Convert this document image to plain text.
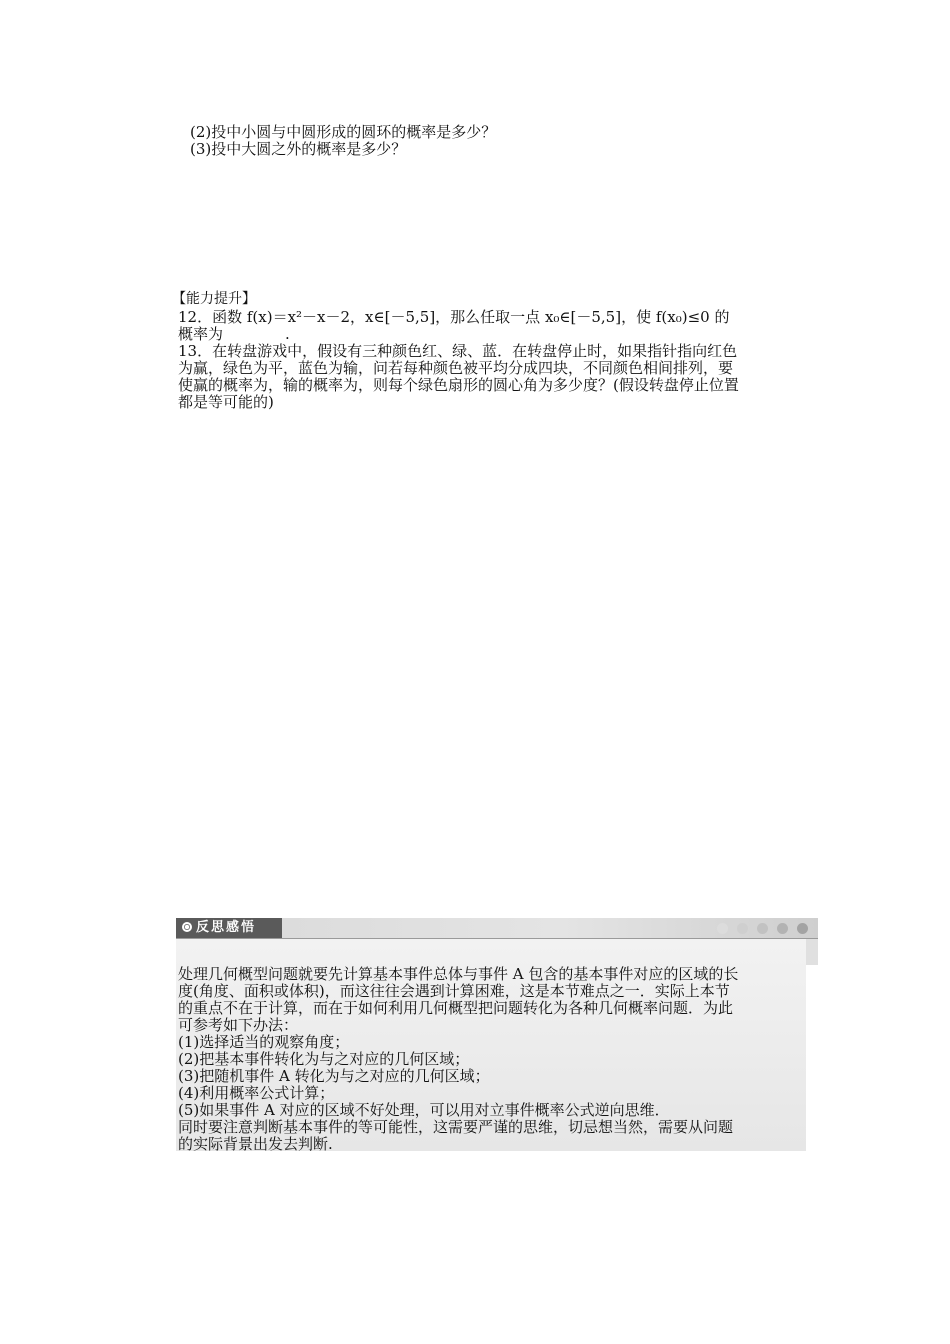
(2)投中小圆与中圆形成的圆环的概率是多少？
(3)投中大圆之外的概率是多少？
【能力提升】
12．函数 f(x)＝x²－x－2，x∈[－5,5]，那么任取一点 x₀∈[－5,5]，使 f(x₀)≤0 的
概率为	.
13．在转盘游戏中，假设有三种颜色红、绿、蓝．在转盘停止时，如果指针指向红色
为赢，绿色为平，蓝色为输，问若每种颜色被平均分成四块，不同颜色相间排列，要
使赢的概率为，输的概率为，则每个绿色扇形的圆心角为多少度？(假设转盘停止位置
都是等可能的)
反思感悟
处理几何概型问题就要先计算基本事件总体与事件 A 包含的基本事件对应的区域的长
度(角度、面积或体积)，而这往往会遇到计算困难，这是本节难点之一．实际上本节
的重点不在于计算，而在于如何利用几何概型把问题转化为各种几何概率问题．为此
可参考如下办法：
(1)选择适当的观察角度；
(2)把基本事件转化为与之对应的几何区域；
(3)把随机事件 A 转化为与之对应的几何区域；
(4)利用概率公式计算；
(5)如果事件 A 对应的区域不好处理，可以用对立事件概率公式逆向思维．
同时要注意判断基本事件的等可能性，这需要严谨的思维，切忌想当然，需要从问题
的实际背景出发去判断.
